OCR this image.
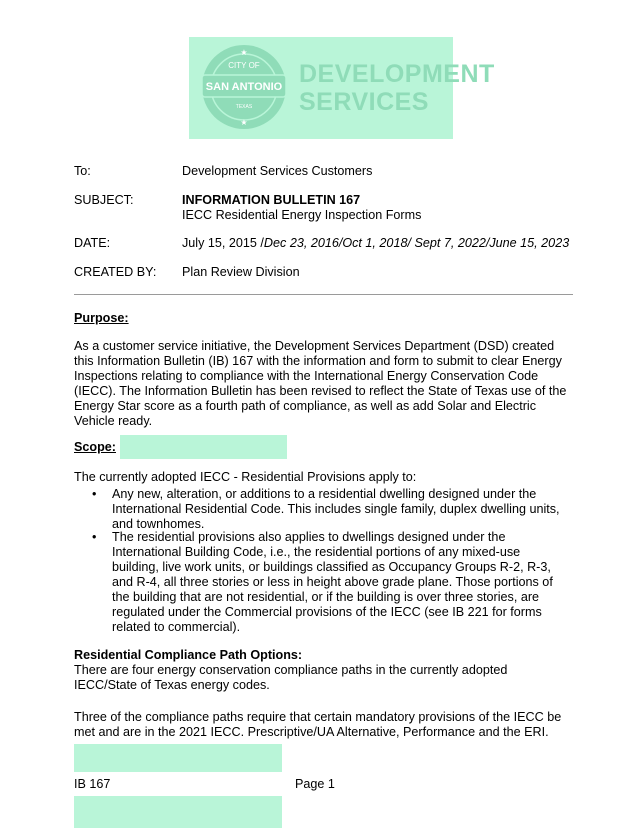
CITY OF
SAN ANTONIO
TEXAS
★
★
DEVELOPMENT
SERVICES
To:	Development Services Customers
SUBJECT:	INFORMATION BULLETIN 167
IECC Residential Energy Inspection Forms
DATE:	July 15, 2015 /Dec 23, 2016/Oct 1, 2018/ Sept 7, 2022/June 15, 2023
CREATED BY: Plan Review Division
Purpose:
As a customer service initiative, the Development Services Department (DSD) created
this Information Bulletin (IB) 167 with the information and form to submit to clear Energy
Inspections relating to compliance with the International Energy Conservation Code
(IECC). The Information Bulletin has been revised to reflect the State of Texas use of the
Energy Star score as a fourth path of compliance, as well as add Solar and Electric
Vehicle ready.
Scope:
The currently adopted IECC - Residential Provisions apply to:
• Any new, alteration, or additions to a residential dwelling designed under the
International Residential Code. This includes single family, duplex dwelling units,
and townhomes.
• The residential provisions also applies to dwellings designed under the
International Building Code, i.e., the residential portions of any mixed-use
building, live work units, or buildings classified as Occupancy Groups R-2, R-3,
and R-4, all three stories or less in height above grade plane. Those portions of
the building that are not residential, or if the building is over three stories, are
regulated under the Commercial provisions of the IECC (see IB 221 for forms
related to commercial).
Residential Compliance Path Options:
There are four energy conservation compliance paths in the currently adopted
IECC/State of Texas energy codes.
Three of the compliance paths require that certain mandatory provisions of the IECC be
met and are in the 2021 IECC. Prescriptive/UA Alternative, Performance and the ERI.
IB 167	Page 1
